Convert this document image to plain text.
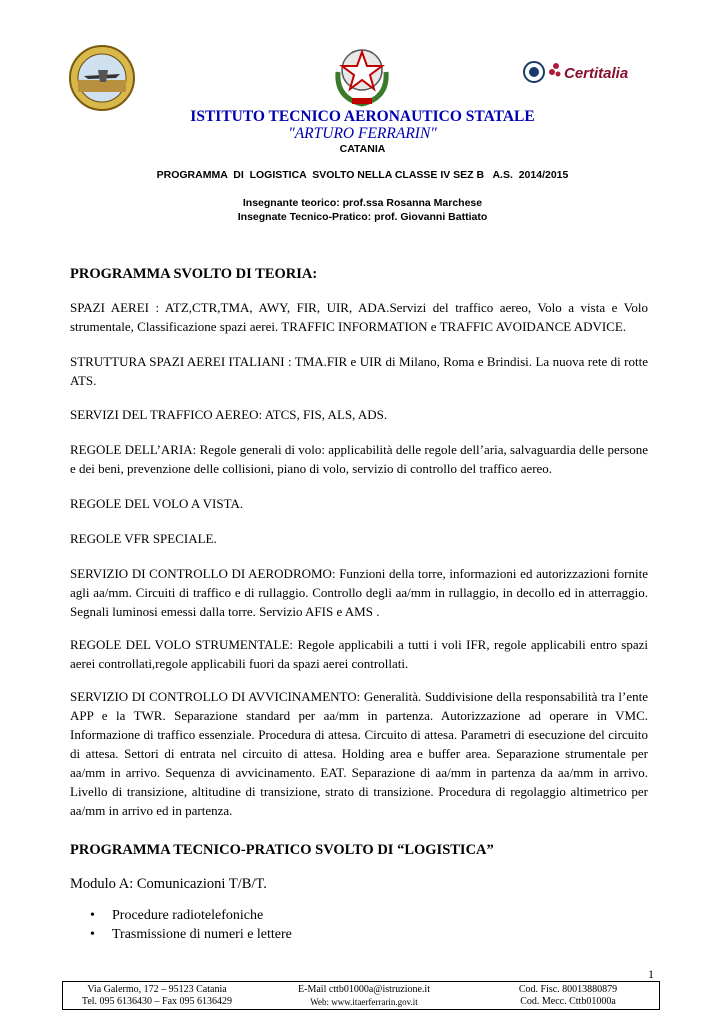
Certitalia
ISTITUTO TECNICO AERONAUTICO STATALE
"ARTURO FERRARIN"
CATANIA
PROGRAMMA  DI  LOGISTICA  SVOLTO NELLA CLASSE IV SEZ B   A.S.  2014/2015
Insegnante teorico: prof.ssa Rosanna Marchese
Insegnate Tecnico-Pratico: prof. Giovanni Battiato
PROGRAMMA SVOLTO DI TEORIA:
SPAZI AEREI : ATZ,CTR,TMA, AWY, FIR, UIR, ADA.Servizi del traffico aereo, Volo a vista e Volo strumentale, Classificazione spazi aerei. TRAFFIC INFORMATION e TRAFFIC AVOIDANCE ADVICE.
STRUTTURA SPAZI AEREI ITALIANI : TMA.FIR e UIR di Milano, Roma e Brindisi. La nuova rete di rotte ATS.
SERVIZI DEL TRAFFICO AEREO: ATCS, FIS, ALS, ADS.
REGOLE DELL’ARIA: Regole generali di volo: applicabilità delle regole dell’aria, salvaguardia delle persone e dei beni, prevenzione delle collisioni, piano di volo, servizio di controllo del traffico aereo.
REGOLE DEL VOLO A VISTA.
REGOLE VFR SPECIALE.
SERVIZIO DI CONTROLLO DI AERODROMO: Funzioni della torre, informazioni ed autorizzazioni fornite agli aa/mm. Circuiti di traffico e di rullaggio. Controllo degli aa/mm in rullaggio, in decollo ed in atterraggio. Segnali luminosi emessi dalla torre. Servizio AFIS e AMS .
REGOLE DEL VOLO STRUMENTALE: Regole applicabili a tutti i voli IFR, regole applicabili entro spazi aerei controllati,regole applicabili fuori da spazi aerei controllati.
SERVIZIO DI CONTROLLO DI AVVICINAMENTO: Generalità. Suddivisione della responsabilità tra l’ente APP e la TWR. Separazione standard per aa/mm in partenza. Autorizzazione ad operare in VMC. Informazione di traffico essenziale. Procedura di attesa. Circuito di attesa. Parametri di esecuzione del circuito di attesa. Settori di entrata nel circuito di attesa. Holding area e buffer area. Separazione strumentale per aa/mm in arrivo. Sequenza di avvicinamento. EAT. Separazione di aa/mm in partenza da aa/mm in arrivo. Livello di transizione, altitudine di transizione, strato di transizione. Procedura di regolaggio altimetrico per aa/mm in arrivo ed in partenza.
PROGRAMMA TECNICO-PRATICO SVOLTO DI “LOGISTICA”
Modulo A: Comunicazioni T/B/T.
• Procedure radiotelefoniche
• Trasmissione di numeri e lettere
1
Via Galermo, 172 – 95123 Catania
Tel. 095 6136430 – Fax 095 6136429
E-Mail cttb01000a@istruzione.it
Web: www.itaerferrarin.gov.it
Cod. Fisc. 80013880879
Cod. Mecc. Cttb01000a
